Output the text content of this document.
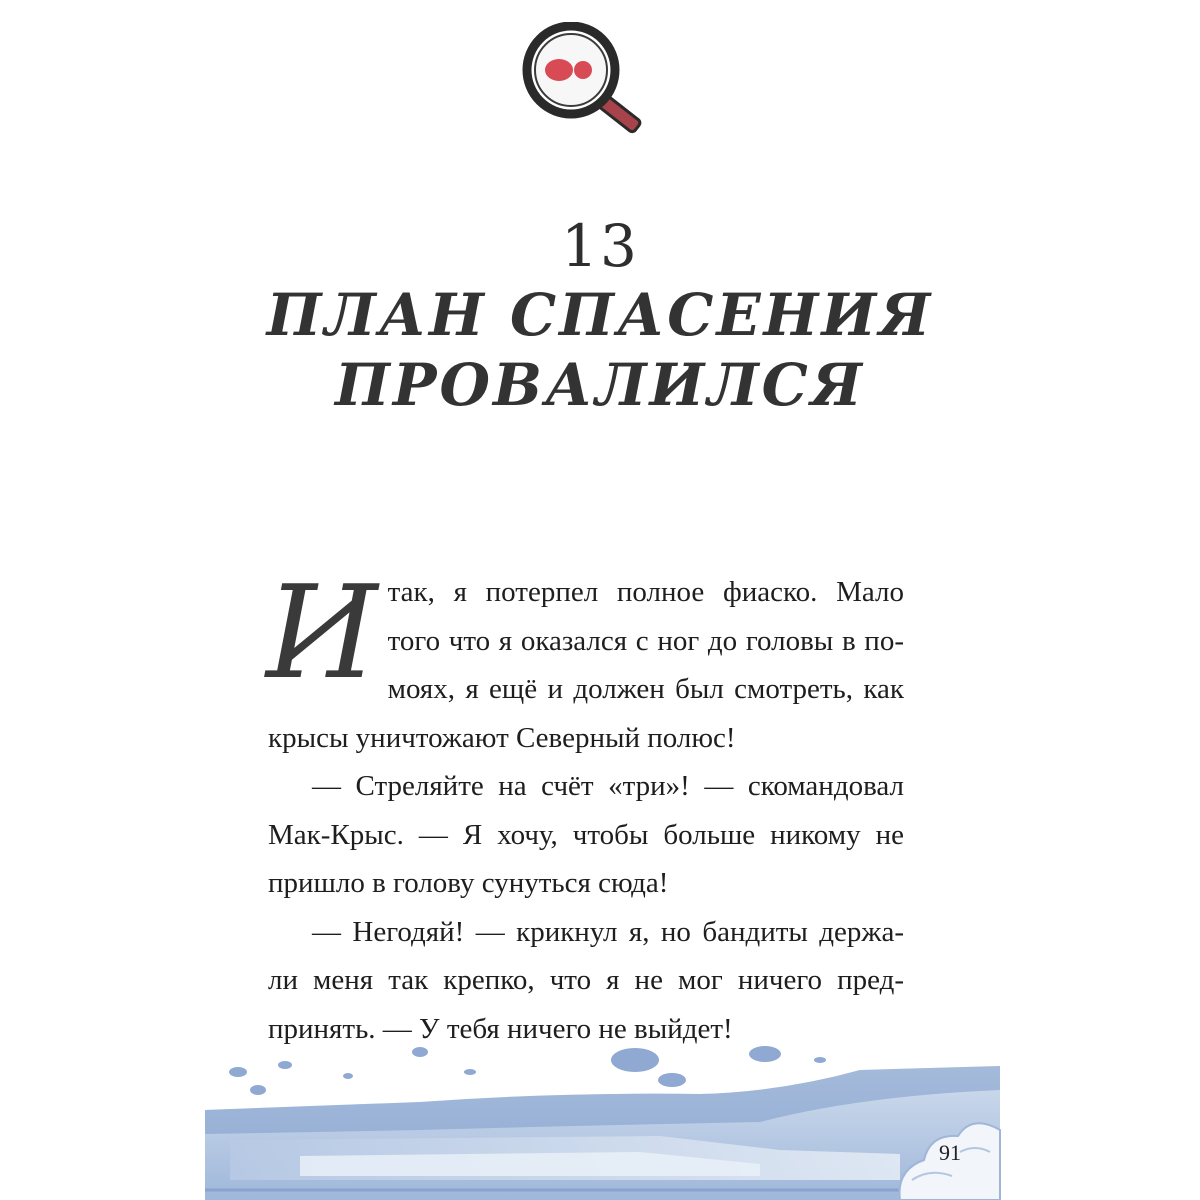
13
ПЛАН СПАСЕНИЯ
ПРОВАЛИЛСЯ

И так, я потерпел полное фиаско. Мало
того что я оказался с ног до головы в по-
моях, я ещё и должен был смотреть, как
крысы уничтожают Северный полюс!

— Стреляйте на счёт «три»! — скомандовал
Мак-Крыс. — Я хочу, чтобы больше никому не
пришло в голову сунуться сюда!

— Негодяй! — крикнул я, но бандиты держа-
ли меня так крепко, что я не мог ничего пред-
принять. — У тебя ничего не выйдет!

91
